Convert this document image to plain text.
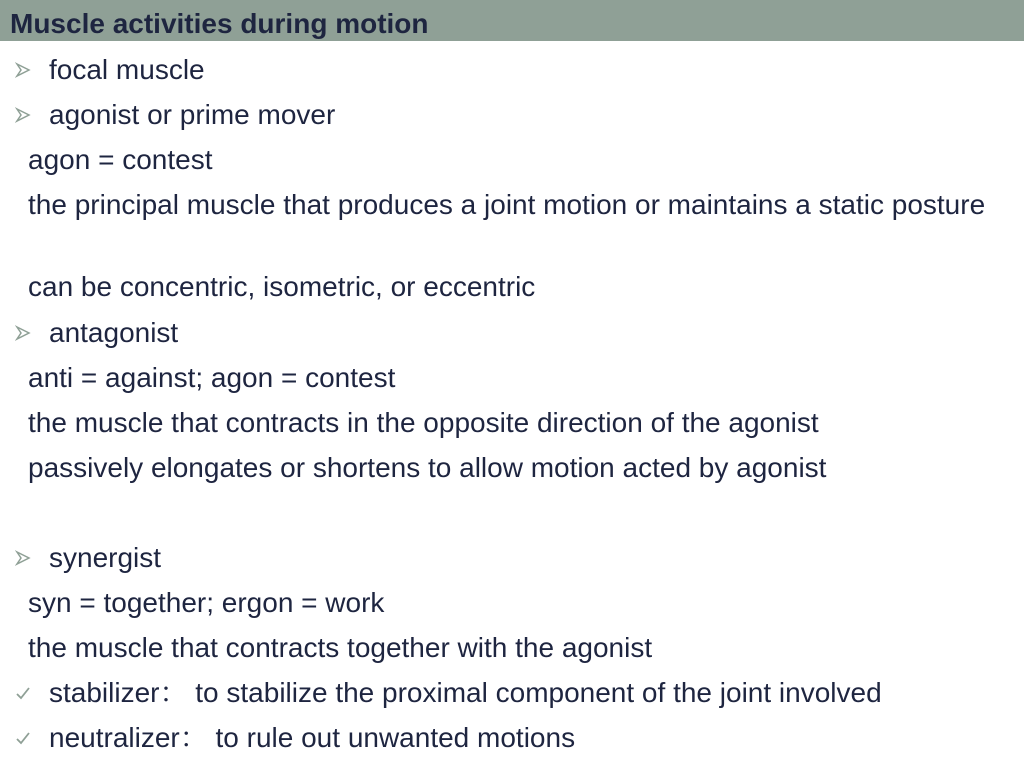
Muscle activities during motion
focal muscle
agonist or prime mover
agon = contest
the principal muscle that produces a joint motion or maintains a static posture
can be concentric, isometric, or eccentric
antagonist
anti = against; agon = contest
the muscle that contracts in the opposite direction of the agonist
passively elongates or shortens to allow motion acted by agonist
synergist
syn = together; ergon = work
the muscle that contracts together with the agonist
stabilizer： to stabilize the proximal component of the joint involved
neutralizer： to rule out unwanted motions
